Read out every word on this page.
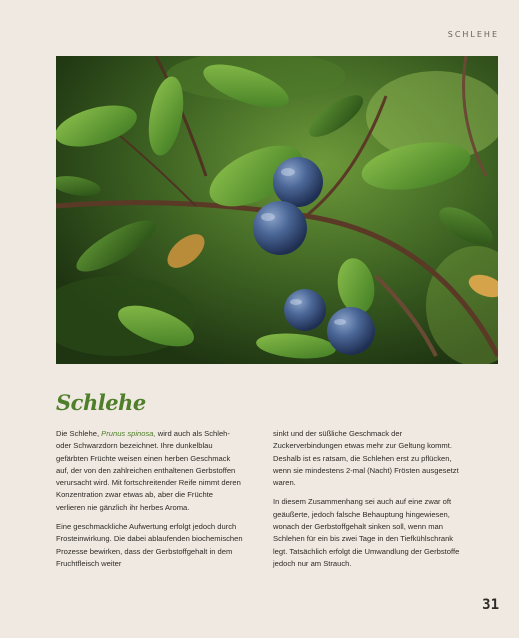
SCHLEHE
Schlehe

Die Schlehe, Prunus spinosa, wird auch als Schleh- oder Schwarzdorn bezeichnet. Ihre dunkelblau gefärbten Früchte weisen einen herben Geschmack auf, der von den zahlreichen enthaltenen Gerbstoffen verursacht wird. Mit fortschreitender Reife nimmt deren Konzentration zwar etwas ab, aber die Früchte verlieren nie gänzlich ihr herbes Aroma.

Eine geschmackliche Aufwertung erfolgt jedoch durch Frosteinwirkung. Die dabei ablaufenden biochemischen Prozesse bewirken, dass der Gerbstoffgehalt in dem Fruchtfleisch weiter

sinkt und der süßliche Geschmack der Zuckerverbindungen etwas mehr zur Geltung kommt. Deshalb ist es ratsam, die Schlehen erst zu pflücken, wenn sie mindestens 2-mal (Nacht) Frösten ausgesetzt waren.

In diesem Zusammenhang sei auch auf eine zwar oft geäußerte, jedoch falsche Behauptung hingewiesen, wonach der Gerbstoffgehalt sinken soll, wenn man Schlehen für ein bis zwei Tage in den Tiefkühlschrank legt. Tatsächlich erfolgt die Umwandlung der Gerbstoffe jedoch nur am Strauch.

31
